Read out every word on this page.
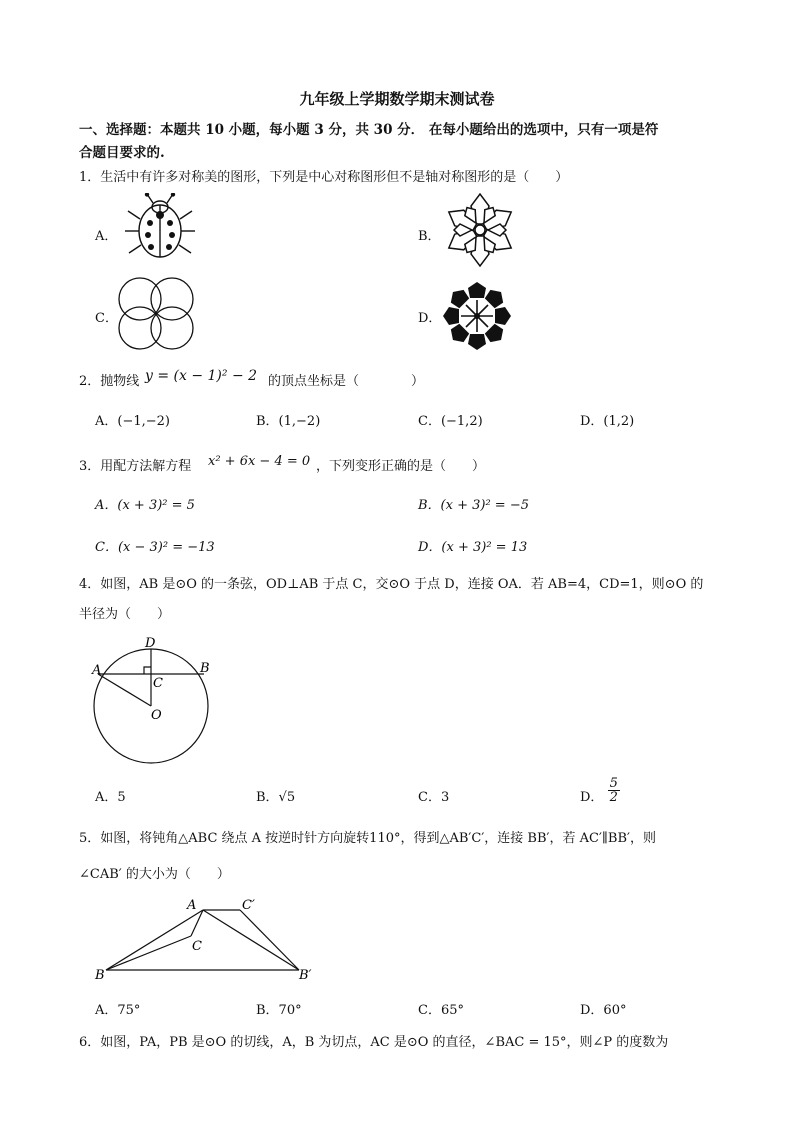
九年级上学期数学期末测试卷
一、选择题：本题共 10 小题，每小题 3 分，共 30 分． 在每小题给出的选项中，只有一项是符
合题目要求的.
1．生活中有许多对称美的图形，下列是中心对称图形但不是轴对称图形的是（　　）
A．	B．
C．	D．
2．抛物线 y = (x − 1)² − 2 的顶点坐标是（　　　　）
A．(−1,−2)	B．(1,−2)	C．(−1,2)	D．(1,2)
3．用配方法解方程 x² + 6x − 4 = 0 ，下列变形正确的是（　　）
A．(x + 3)² = 5	B．(x + 3)² = −5
C．(x − 3)² = −13	D．(x + 3)² = 13
4．如图，AB 是⊙O 的一条弦，OD⊥AB 于点 C，交⊙O 于点 D，连接 OA．若 AB=4，CD=1，则⊙O 的
半径为（　　）
D
A	B
C
O
A．5	B．√5	C．3	D． $\frac{5}{2}$
5．如图，将钝角△ABC 绕点 A 按逆时针方向旋转110°，得到△AB′C′，连接 BB′，若 AC′∥BB′，则
∠CAB′ 的大小为（　　）
A	C′
C
B	B′
A．75°	B．70°	C．65°	D．60°
6．如图，PA，PB 是⊙O 的切线，A，B 为切点，AC 是⊙O 的直径，∠BAC = 15°，则∠P 的度数为
